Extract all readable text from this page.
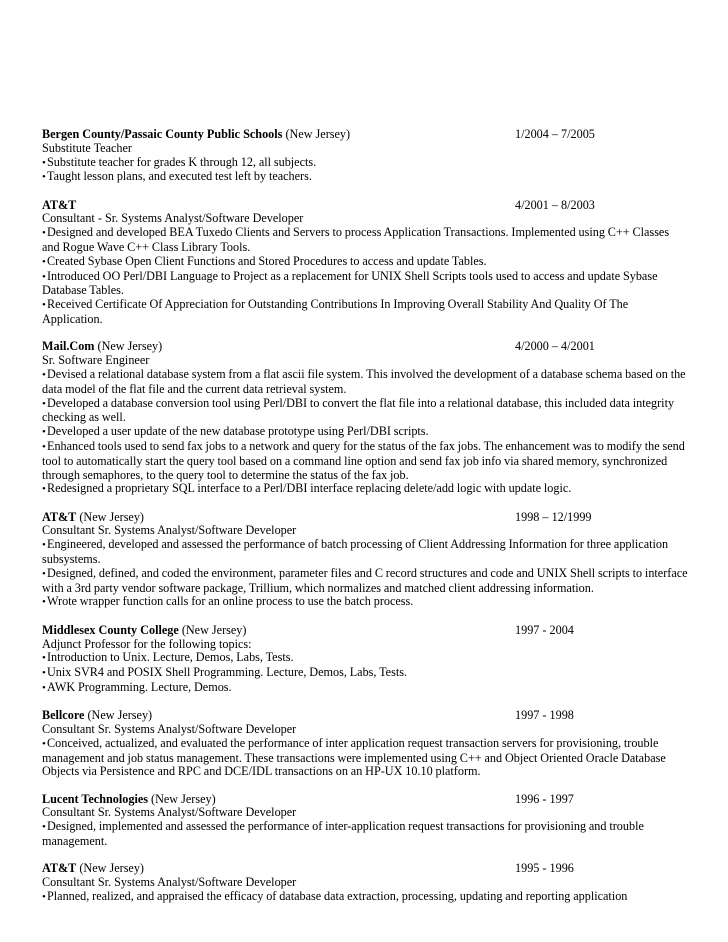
Bergen County/Passaic County Public Schools (New Jersey)	1/2004 – 7/2005
Substitute Teacher
•Substitute teacher for grades K through 12, all subjects.
•Taught lesson plans, and executed test left by teachers.
AT&T	4/2001 – 8/2003
Consultant - Sr. Systems Analyst/Software Developer
•Designed and developed BEA Tuxedo Clients and Servers to process Application Transactions. Implemented using C++ Classes and Rogue Wave C++ Class Library Tools.
•Created Sybase Open Client Functions and Stored Procedures to access and update Tables.
•Introduced OO Perl/DBI Language to Project as a replacement for UNIX Shell Scripts tools used to access and update Sybase Database Tables.
•Received Certificate Of Appreciation for Outstanding Contributions In Improving Overall Stability And Quality Of The Application.
Mail.Com (New Jersey)	4/2000 – 4/2001
Sr. Software Engineer
•Devised a relational database system from a flat ascii file system. This involved the development of a database schema based on the data model of the flat file and the current data retrieval system.
•Developed a database conversion tool using Perl/DBI to convert the flat file into a relational database, this included data integrity checking as well.
•Developed a user update of the new database prototype using Perl/DBI scripts.
•Enhanced tools used to send fax jobs to a network and query for the status of the fax jobs. The enhancement was to modify the send tool to automatically start the query tool based on a command line option and send fax job info via shared memory, synchronized through semaphores, to the query tool to determine the status of the fax job.
•Redesigned a proprietary SQL interface to a Perl/DBI interface replacing delete/add logic with update logic.
AT&T (New Jersey)	1998 – 12/1999
Consultant Sr. Systems Analyst/Software Developer
•Engineered, developed and assessed the performance of batch processing of Client Addressing Information for three application subsystems.
•Designed, defined, and coded the environment, parameter files and C record structures and code and UNIX Shell scripts to interface with a 3rd party vendor software package, Trillium, which normalizes and matched client addressing information.
•Wrote wrapper function calls for an online process to use the batch process.
Middlesex County College (New Jersey)	1997 - 2004
Adjunct Professor for the following topics:
•Introduction to Unix. Lecture, Demos, Labs, Tests.
•Unix SVR4 and POSIX Shell Programming. Lecture, Demos, Labs, Tests.
•AWK Programming. Lecture, Demos.
Bellcore (New Jersey)	1997 - 1998
Consultant Sr. Systems Analyst/Software Developer
•Conceived, actualized, and evaluated the performance of inter application request transaction servers for provisioning, trouble management and job status management. These transactions were implemented using C++ and Object Oriented Oracle Database Objects via Persistence and RPC and DCE/IDL transactions on an HP-UX 10.10 platform.
Lucent Technologies (New Jersey)	1996 - 1997
Consultant Sr. Systems Analyst/Software Developer
•Designed, implemented and assessed the performance of inter-application request transactions for provisioning and trouble management.
AT&T (New Jersey)	1995 - 1996
Consultant Sr. Systems Analyst/Software Developer
•Planned, realized, and appraised the efficacy of database data extraction, processing, updating and reporting application
